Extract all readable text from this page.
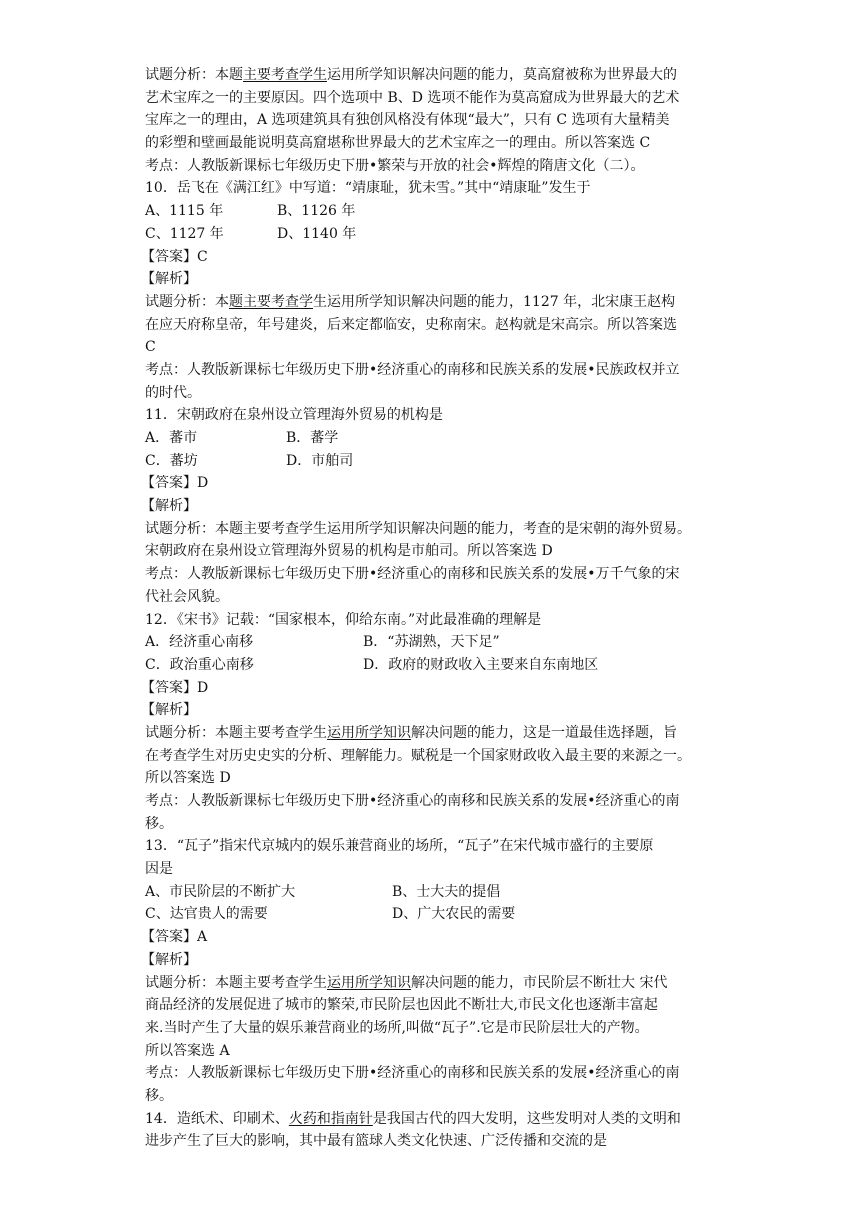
试题分析：本题主要考查学生运用所学知识解决问题的能力，莫高窟被称为世界最大的
艺术宝库之一的主要原因。四个选项中 B、D 选项不能作为莫高窟成为世界最大的艺术
宝库之一的理由，A 选项建筑具有独创风格没有体现“最大”，只有 C 选项有大量精美
的彩塑和壁画最能说明莫高窟堪称世界最大的艺术宝库之一的理由。所以答案选 C
考点：人教版新课标七年级历史下册•繁荣与开放的社会•辉煌的隋唐文化（二）。
10．岳飞在《满江红》中写道：“靖康耻，犹未雪。”其中“靖康耻”发生于
A、1115 年	B、1126 年
C、1127 年	D、1140 年
【答案】C
【解析】
试题分析：本题主要考查学生运用所学知识解决问题的能力，1127 年，北宋康王赵构
在应天府称皇帝，年号建炎，后来定都临安，史称南宋。赵构就是宋高宗。所以答案选
C
考点：人教版新课标七年级历史下册•经济重心的南移和民族关系的发展•民族政权并立
的时代。
11．宋朝政府在泉州设立管理海外贸易的机构是
A．蕃市	B．蕃学
C．蕃坊	D．市舶司
【答案】D
【解析】
试题分析：本题主要考查学生运用所学知识解决问题的能力，考查的是宋朝的海外贸易。
宋朝政府在泉州设立管理海外贸易的机构是市舶司。所以答案选 D
考点：人教版新课标七年级历史下册•经济重心的南移和民族关系的发展•万千气象的宋
代社会风貌。
12．《宋书》记载：“国家根本，仰给东南。”对此最准确的理解是
A．经济重心南移	B．“苏湖熟，天下足”
C．政治重心南移	D．政府的财政收入主要来自东南地区
【答案】D
【解析】
试题分析：本题主要考查学生运用所学知识解决问题的能力，这是一道最佳选择题，旨
在考查学生对历史史实的分析、理解能力。赋税是一个国家财政收入最主要的来源之一。
所以答案选 D
考点：人教版新课标七年级历史下册•经济重心的南移和民族关系的发展•经济重心的南
移。
13．“瓦子”指宋代京城内的娱乐兼营商业的场所，“瓦子”在宋代城市盛行的主要原
因是
A、市民阶层的不断扩大	B、士大夫的提倡
C、达官贵人的需要	D、广大农民的需要
【答案】A
【解析】
试题分析：本题主要考查学生运用所学知识解决问题的能力，市民阶层不断壮大 宋代
商品经济的发展促进了城市的繁荣,市民阶层也因此不断壮大,市民文化也逐渐丰富起
来.当时产生了大量的娱乐兼营商业的场所,叫做“瓦子”.它是市民阶层壮大的产物。
所以答案选 A
考点：人教版新课标七年级历史下册•经济重心的南移和民族关系的发展•经济重心的南
移。
14．造纸术、印刷术、火药和指南针是我国古代的四大发明，这些发明对人类的文明和
进步产生了巨大的影响，其中最有篮球人类文化快速、广泛传播和交流的是
